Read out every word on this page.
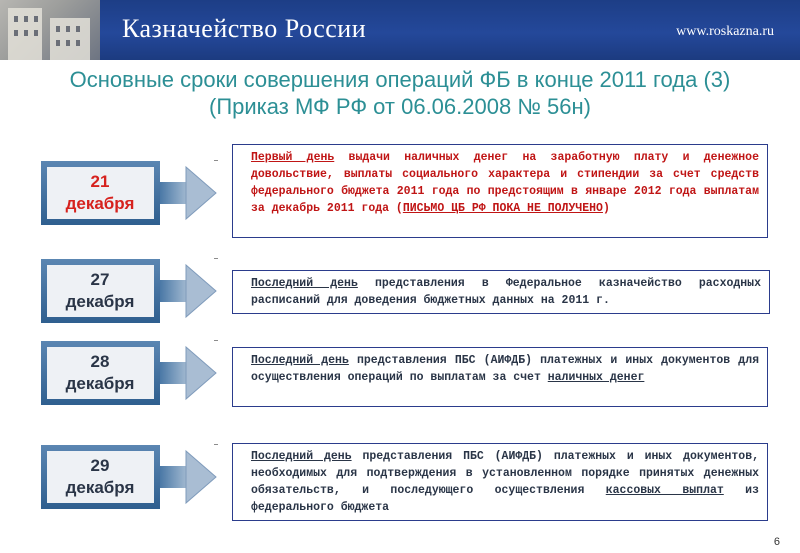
Казначейство России	www.roskazna.ru
Основные сроки совершения операций ФБ в конце 2011 года (3)
(Приказ МФ РФ от 06.06.2008 № 56н)
21
декабря

Первый день выдачи наличных денег на заработную плату и денежное довольствие, выплаты социального характера и стипендии за счет средств федерального бюджета 2011 года по предстоящим в январе 2012 года выплатам за декабрь 2011 года (ПИСЬМО ЦБ РФ ПОКА НЕ ПОЛУЧЕНО)

27
декабря

Последний день представления в Федеральное казначейство расходных расписаний для доведения бюджетных данных на 2011 г.

28
декабря

Последний день представления ПБС (АИФДБ) платежных и иных документов для осуществления операций по выплатам за счет наличных денег

29
декабря

Последний день представления ПБС (АИФДБ) платежных и иных документов, необходимых для подтверждения в установленном порядке принятых денежных обязательств, и последующего осуществления кассовых выплат из федерального бюджета

6
